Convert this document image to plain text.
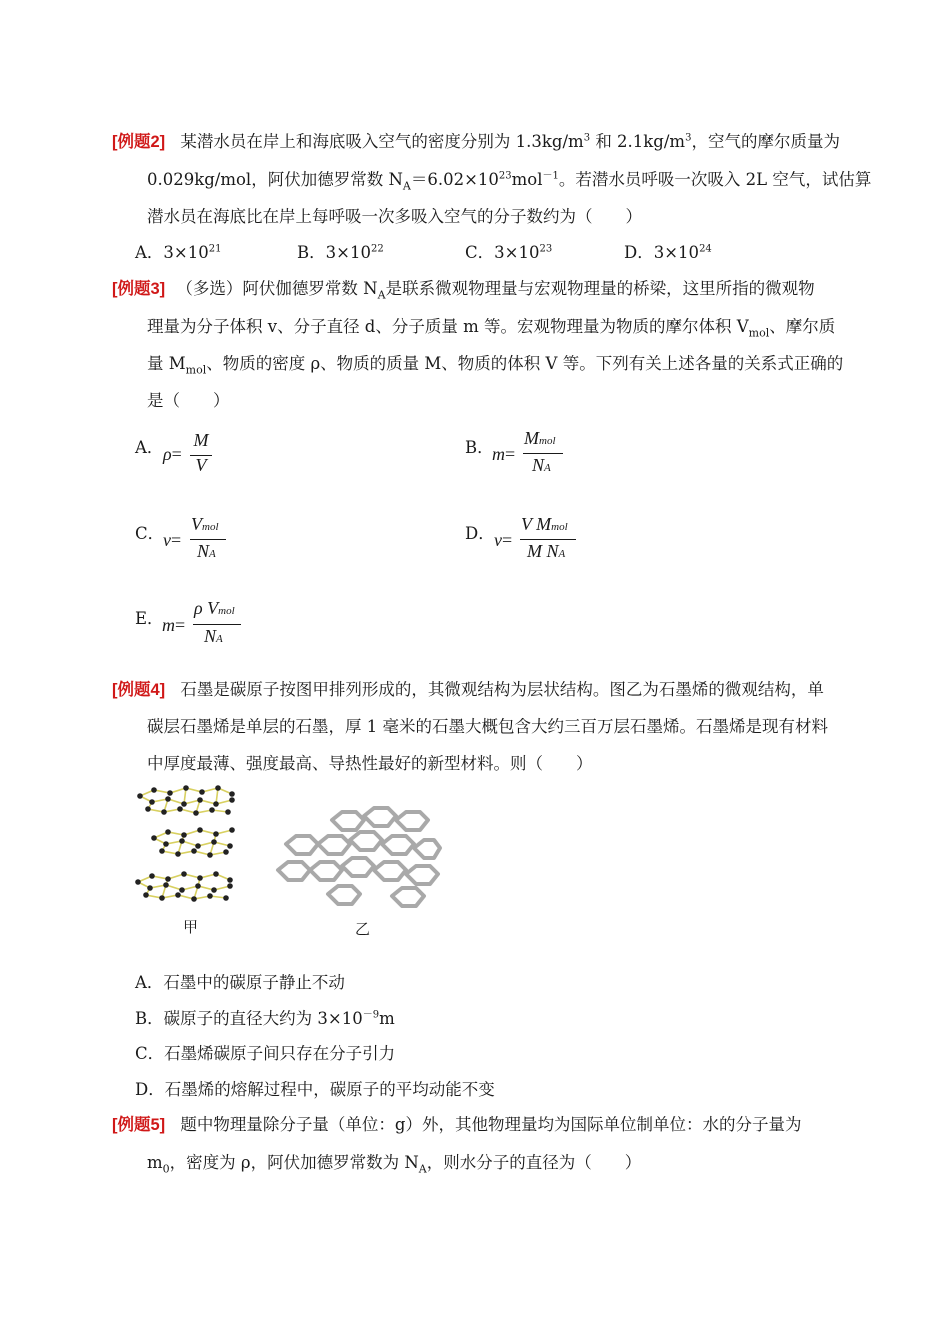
[例题2] 某潜水员在岸上和海底吸入空气的密度分别为 $1.3kg/m^3$ 和 $2.1kg/m^3$，空气的摩尔质量为
0.029kg/mol，阿伏加德罗常数 $N_A=6.02\times 10^{23}mol^{-1}$。若潜水员呼吸一次吸入 2L 空气，试估算
潜水员在海底比在岸上每呼吸一次多吸入空气的分子数约为（　　）
A．$3\times 10^{21}$	B．$3\times 10^{22}$	C．$3\times 10^{23}$	D．$3\times 10^{24}$
[例题3] （多选）阿伏伽德罗常数 $N_A$是联系微观物理量与宏观物理量的桥梁，这里所指的微观物
理量为分子体积 v、分子直径 d、分子质量 m 等。宏观物理量为物质的摩尔体积 $V_{mol}$、摩尔质
量 $M_{mol}$、物质的密度 ρ、物质的质量 M、物质的体积 V 等。下列有关上述各量的关系式正确的
是（　　）
A． ρ=
M
V
B．
m=
Mmol
NA
C．
v=
Vmol
NA
D． v=
V Mmol
M NA
E．
m=
ρ Vmol
NA
[例题4] 石墨是碳原子按图甲排列形成的，其微观结构为层状结构。图乙为石墨烯的微观结构，单
碳层石墨烯是单层的石墨，厚 1 毫米的石墨大概包含大约三百万层石墨烯。石墨烯是现有材料
中厚度最薄、强度最高、导热性最好的新型材料。则（　　）
甲	乙
A．石墨中的碳原子静止不动
B．碳原子的直径大约为 $3\times 10^{-9}m$
C．石墨烯碳原子间只存在分子引力
D．石墨烯的熔解过程中，碳原子的平均动能不变
[例题5] 题中物理量除分子量（单位：g）外，其他物理量均为国际单位制单位：水的分子量为
$m_0$，密度为 ρ，阿伏加德罗常数为 $N_A$，则水分子的直径为（　　）
